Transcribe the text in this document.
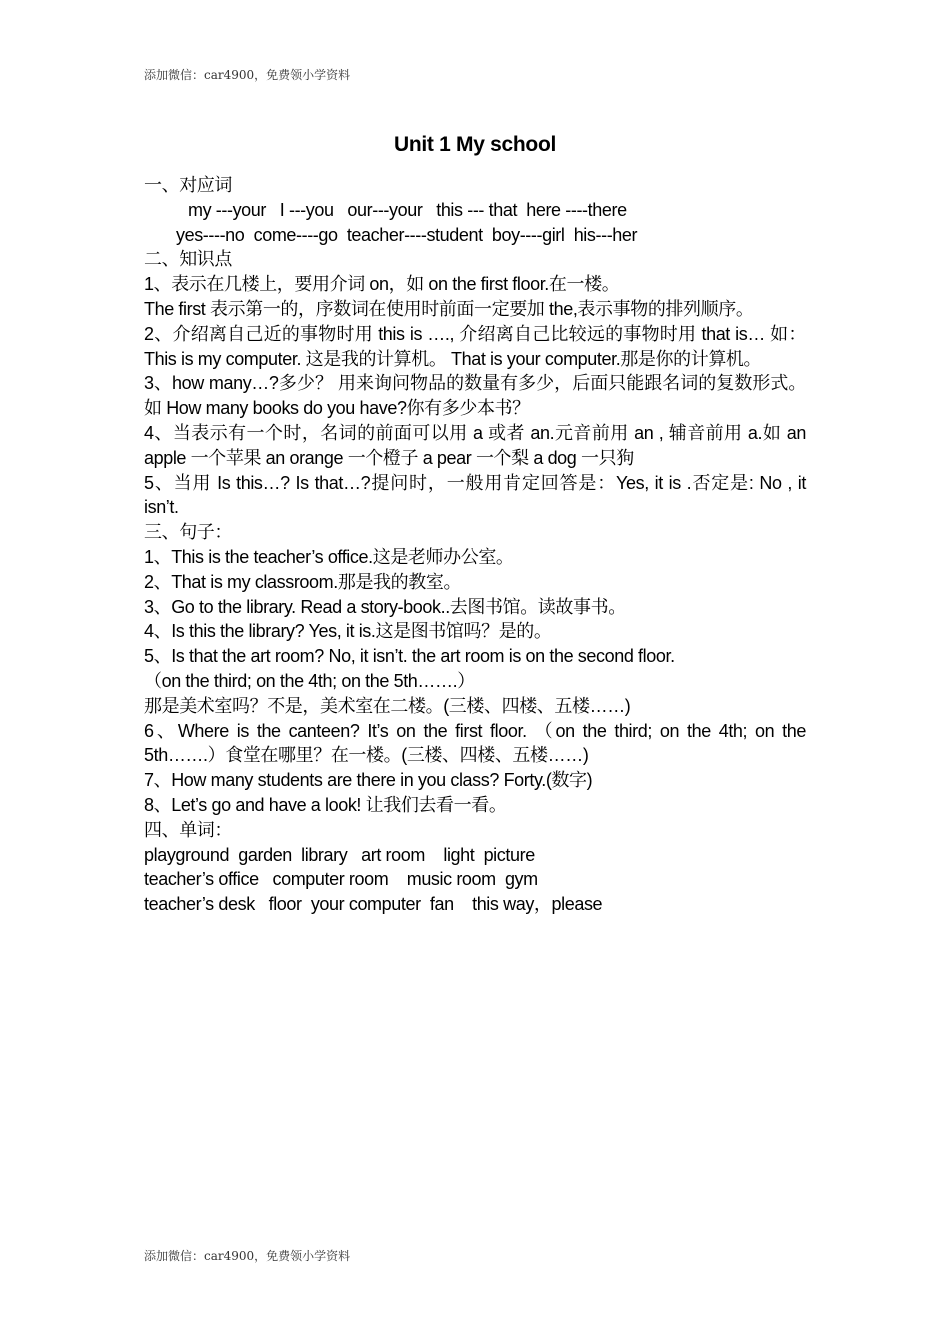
添加微信：car4900，免费领小学资料
Unit 1 My school
一、对应词
my ---your   I ---you   our---your   this --- that  here ----there
yes----no  come----go  teacher----student  boy----girl  his---her
二、知识点
1、表示在几楼上，要用介词 on，如 on the first floor.在一楼。
The first 表示第一的，序数词在使用时前面一定要加 the,表示事物的排列顺序。
2、介绍离自己近的事物时用 this is …., 介绍离自己比较远的事物时用 that is… 如： This is my computer. 这是我的计算机。 That is your computer.那是你的计算机。
3、how many…?多少？ 用来询问物品的数量有多少，后面只能跟名词的复数形式。如 How many books do you have?你有多少本书？
4、当表示有一个时，名词的前面可以用 a 或者 an.元音前用 an , 辅音前用 a.如 an apple 一个苹果 an orange 一个橙子 a pear 一个梨 a dog 一只狗
5、当用 Is this…? Is that…?提问时，一般用肯定回答是：Yes, it is .否定是: No , it isn’t.
三、句子：
1、This is the teacher’s office.这是老师办公室。
2、That is my classroom.那是我的教室。
3、Go to the library. Read a story-book..去图书馆。读故事书。
4、Is this the library? Yes, it is.这是图书馆吗？是的。
5、Is that the art room? No, it isn’t. the art room is on the second floor.
（on the third; on the 4th; on the 5th…….）
那是美术室吗？不是，美术室在二楼。(三楼、四楼、五楼……)
6、Where is the canteen? It’s on the first floor. （on the third; on the 4th; on the 5th…….）食堂在哪里？在一楼。(三楼、四楼、五楼……)
7、How many students are there in you class? Forty.(数字)
8、Let’s go and have a look! 让我们去看一看。
四、单词：
playground  garden  library   art room    light  picture
teacher’s office   computer room    music room  gym
teacher’s desk   floor  your computer  fan    this way，please
添加微信：car4900，免费领小学资料
